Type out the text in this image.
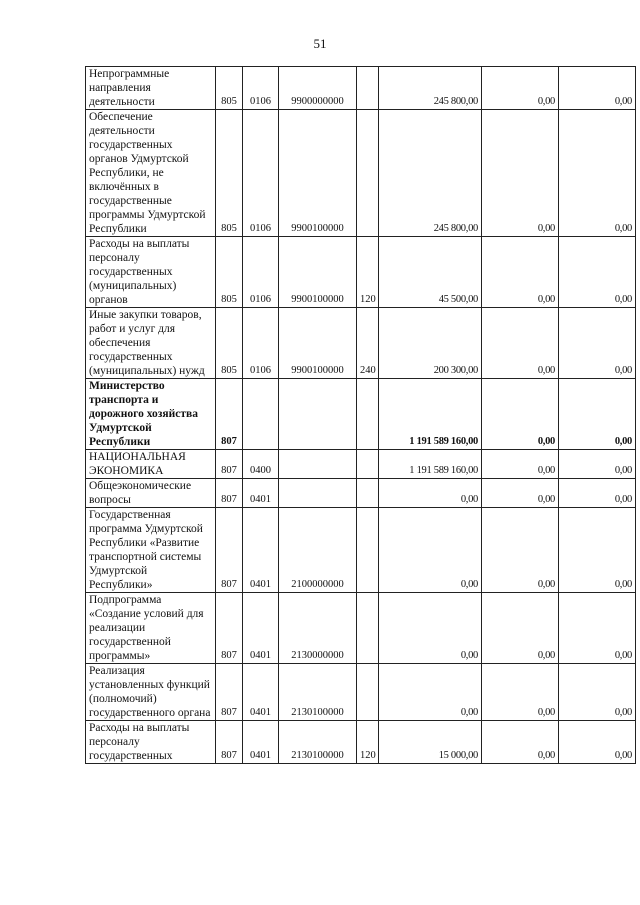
51
Непрограммные направления деятельности	805	0106	9900000000		245 800,00	0,00	0,00

Обеспечение деятельности государственных органов Удмуртской Республики, не включённых в государственные программы Удмуртской Республики	805	0106	9900100000		245 800,00	0,00	0,00

Расходы на выплаты персоналу государственных (муниципальных) органов	805	0106	9900100000	120	45 500,00	0,00	0,00

Иные закупки товаров, работ и услуг для обеспечения государственных (муниципальных) нужд	805	0106	9900100000	240	200 300,00	0,00	0,00

Министерство транспорта и дорожного хозяйства Удмуртской Республики	807				1 191 589 160,00	0,00	0,00

НАЦИОНАЛЬНАЯ ЭКОНОМИКА	807	0400			1 191 589 160,00	0,00	0,00

Общеэкономические вопросы	807	0401			0,00	0,00	0,00

Государственная программа Удмуртской Республики «Развитие транспортной системы Удмуртской Республики»	807	0401	2100000000		0,00	0,00	0,00

Подпрограмма «Создание условий для реализации государственной программы»	807	0401	2130000000		0,00	0,00	0,00

Реализация установленных функций (полномочий) государственного органа	807	0401	2130100000		0,00	0,00	0,00

Расходы на выплаты персоналу государственных	807	0401	2130100000	120	15 000,00	0,00	0,00
